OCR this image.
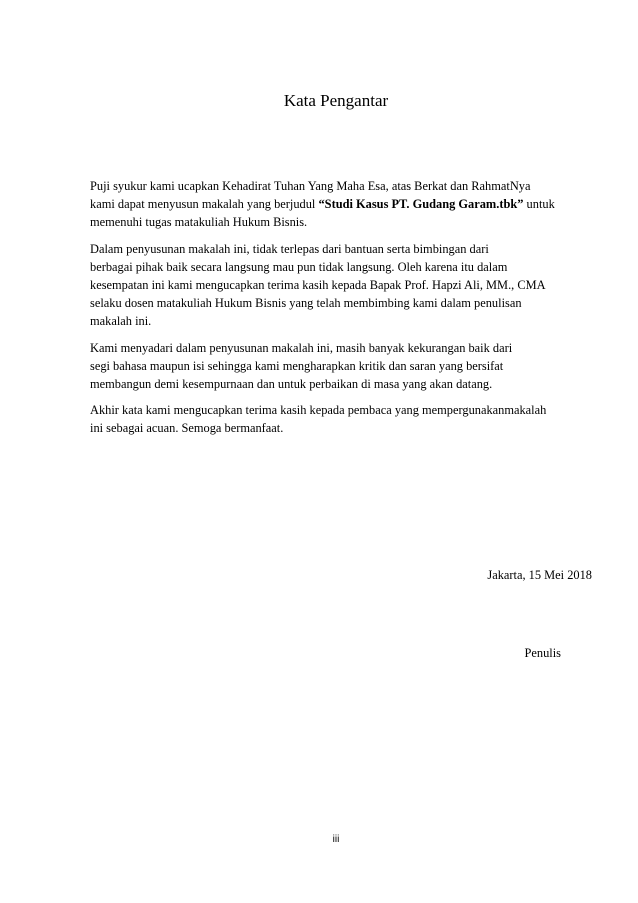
Kata Pengantar

Puji syukur kami ucapkan Kehadirat Tuhan Yang Maha Esa, atas Berkat dan RahmatNya
kami dapat menyusun makalah yang berjudul “Studi Kasus PT. Gudang Garam.tbk” untuk
memenuhi tugas matakuliah Hukum Bisnis.

Dalam penyusunan makalah ini, tidak terlepas dari bantuan serta bimbingan dari
berbagai pihak baik secara langsung mau pun tidak langsung. Oleh karena itu dalam
kesempatan ini kami mengucapkan terima kasih kepada Bapak Prof. Hapzi Ali, MM., CMA
selaku dosen matakuliah Hukum Bisnis yang telah membimbing kami dalam penulisan
makalah ini.

Kami menyadari dalam penyusunan makalah ini, masih banyak kekurangan baik dari
segi bahasa maupun isi sehingga kami mengharapkan kritik dan saran yang bersifat
membangun demi kesempurnaan dan untuk perbaikan di masa yang akan datang.

Akhir kata kami mengucapkan terima kasih kepada pembaca yang mempergunakanmakalah
ini sebagai acuan. Semoga bermanfaat.

Jakarta, 15 Mei 2018
Penulis
iii
